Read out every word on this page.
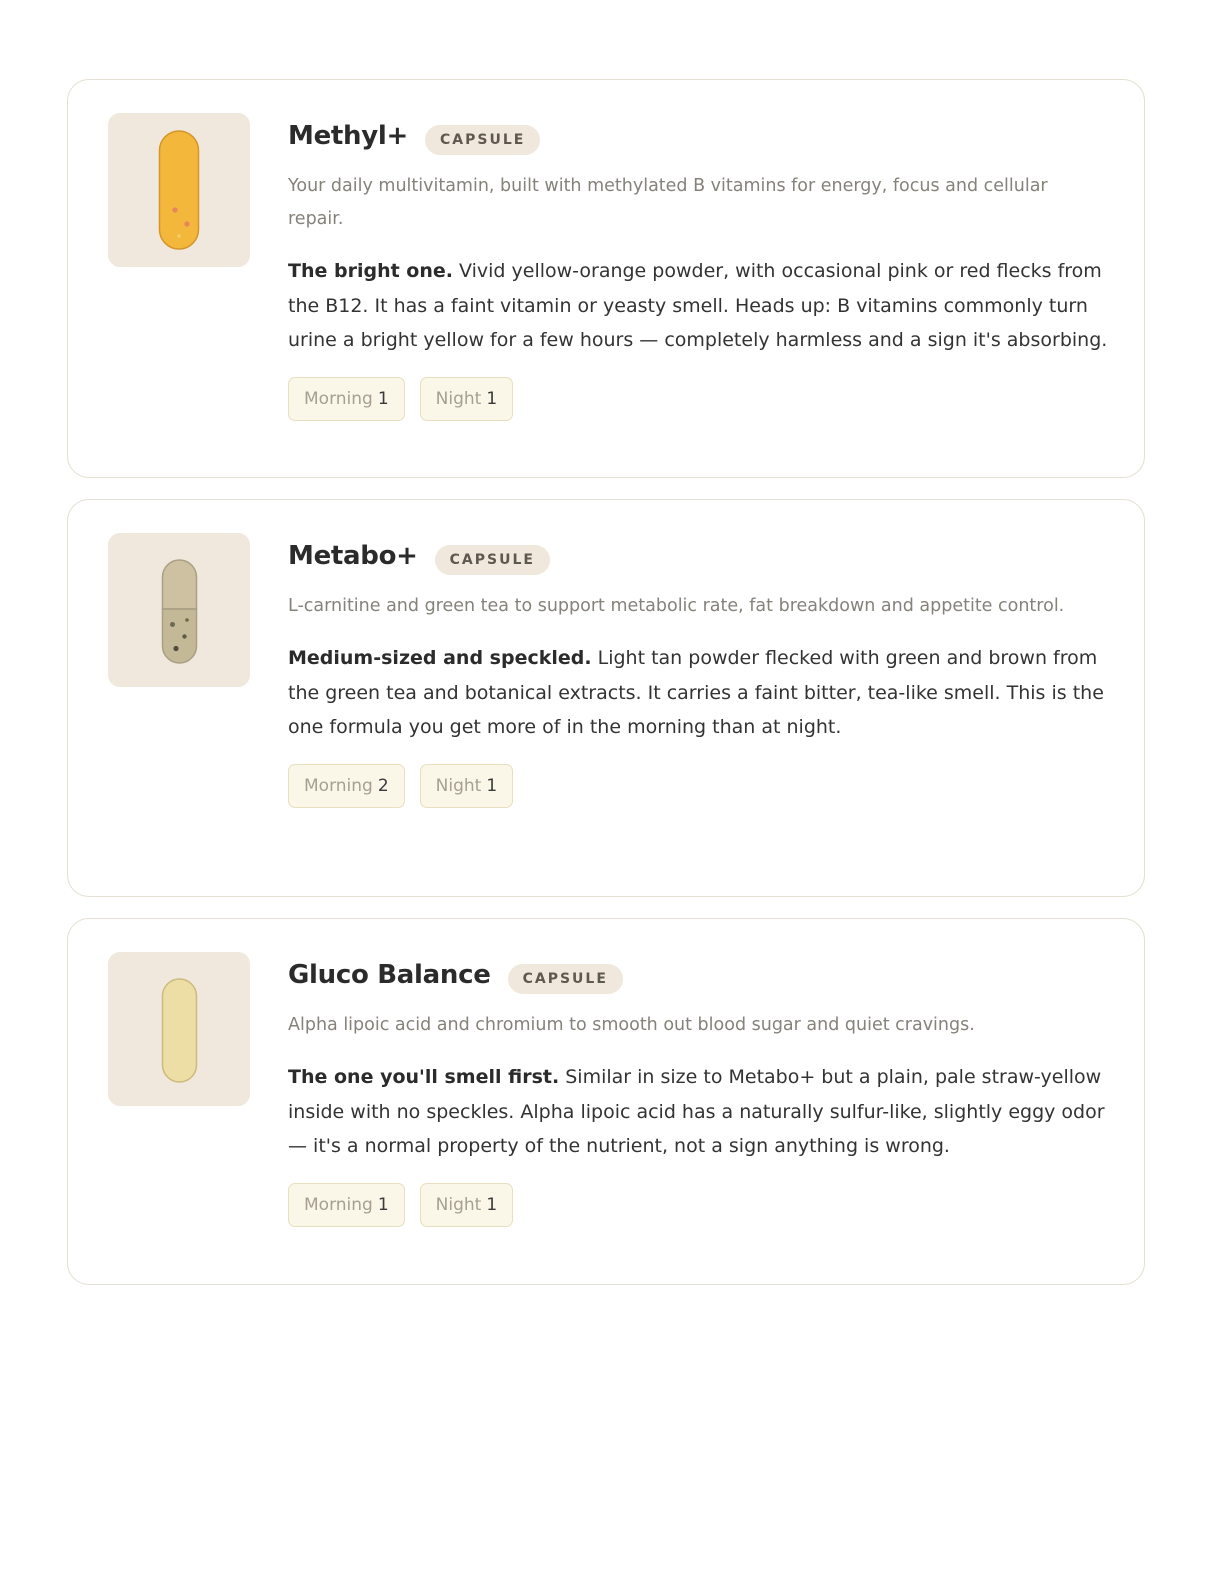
Methyl+	CAPSULE

Your daily multivitamin, built with methylated B vitamins for energy, focus and cellular repair.

The bright one. Vivid yellow-orange powder, with occasional pink or red flecks from the B12. It has a faint vitamin or yeasty smell. Heads up: B vitamins commonly turn urine a bright yellow for a few hours — completely harmless and a sign it's absorbing.

Morning 1	Night 1
Metabo+	CAPSULE

L-carnitine and green tea to support metabolic rate, fat breakdown and appetite control.

Medium-sized and speckled. Light tan powder flecked with green and brown from the green tea and botanical extracts. It carries a faint bitter, tea-like smell. This is the one formula you get more of in the morning than at night.

Morning 2	Night 1
Gluco Balance	CAPSULE

Alpha lipoic acid and chromium to smooth out blood sugar and quiet cravings.

The one you'll smell first. Similar in size to Metabo+ but a plain, pale straw-yellow inside with no speckles. Alpha lipoic acid has a naturally sulfur-like, slightly eggy odor — it's a normal property of the nutrient, not a sign anything is wrong.

Morning 1	Night 1
